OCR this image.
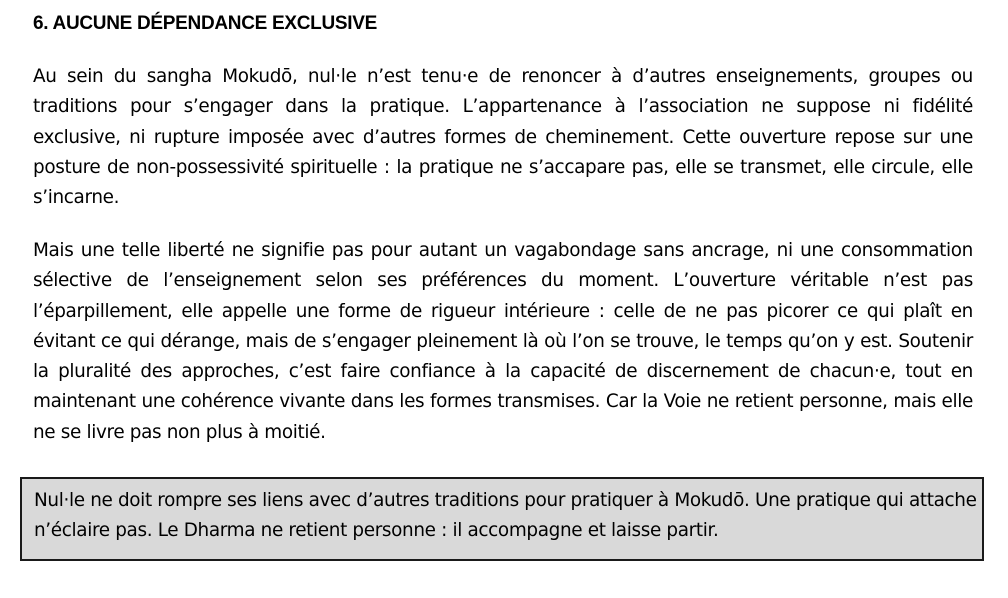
6. AUCUNE DÉPENDANCE EXCLUSIVE

Au sein du sangha Mokudō, nul·le n’est tenu·e de renoncer à d’autres enseignements, groupes ou traditions pour s’engager dans la pratique. L’appartenance à l’association ne suppose ni fidélité exclusive, ni rupture imposée avec d’autres formes de cheminement. Cette ouverture repose sur une posture de non-possessivité spirituelle : la pratique ne s’accapare pas, elle se transmet, elle circule, elle s’incarne.

Mais une telle liberté ne signifie pas pour autant un vagabondage sans ancrage, ni une consommation sélective de l’enseignement selon ses préférences du moment. L’ouverture véritable n’est pas l’éparpillement, elle appelle une forme de rigueur intérieure : celle de ne pas picorer ce qui plaît en évitant ce qui dérange, mais de s’engager pleinement là où l’on se trouve, le temps qu’on y est. Soutenir la pluralité des approches, c’est faire confiance à la capacité de discernement de chacun·e, tout en maintenant une cohérence vivante dans les formes transmises. Car la Voie ne retient personne, mais elle ne se livre pas non plus à moitié.

Nul·le ne doit rompre ses liens avec d’autres traditions pour pratiquer à Mokudō. Une pratique qui attache n’éclaire pas. Le Dharma ne retient personne : il accompagne et laisse partir.
